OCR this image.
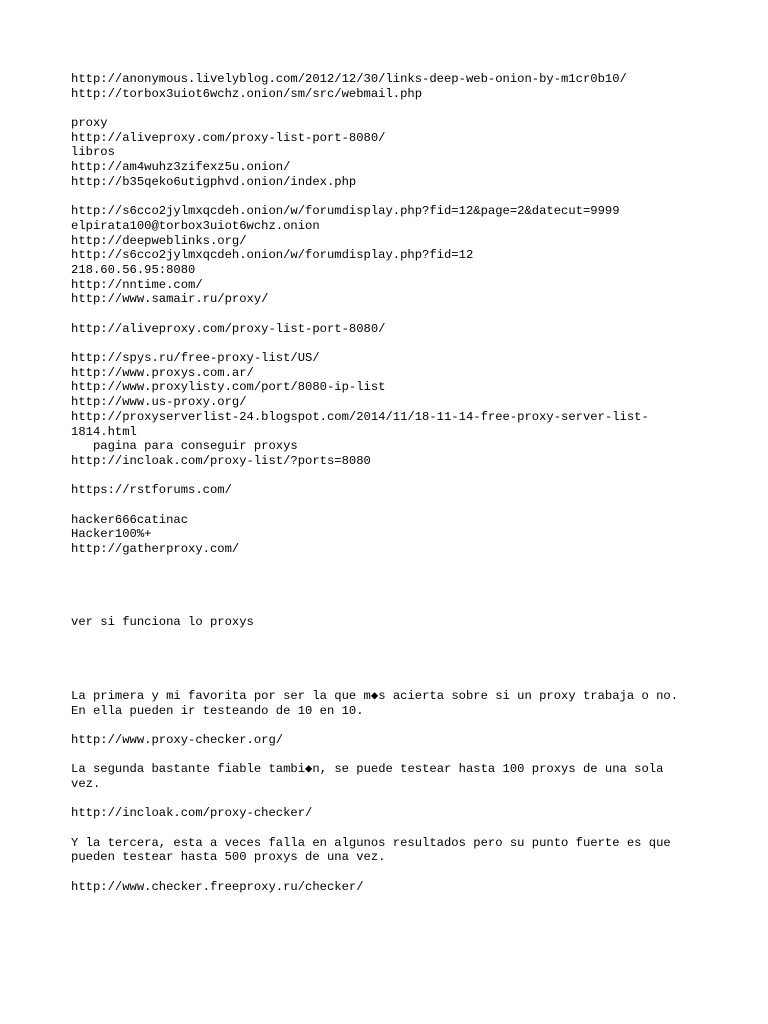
http://anonymous.livelyblog.com/2012/12/30/links-deep-web-onion-by-m1cr0b10/
http://torbox3uiot6wchz.onion/sm/src/webmail.php
proxy
http://aliveproxy.com/proxy-list-port-8080/
libros
http://am4wuhz3zifexz5u.onion/
http://b35qeko6utigphvd.onion/index.php
http://s6cco2jylmxqcdeh.onion/w/forumdisplay.php?fid=12&page=2&datecut=9999
elpirata100@torbox3uiot6wchz.onion
http://deepweblinks.org/
http://s6cco2jylmxqcdeh.onion/w/forumdisplay.php?fid=12
218.60.56.95:8080
http://nntime.com/
http://www.samair.ru/proxy/
http://aliveproxy.com/proxy-list-port-8080/
http://spys.ru/free-proxy-list/US/
http://www.proxys.com.ar/
http://www.proxylisty.com/port/8080-ip-list
http://www.us-proxy.org/
http://proxyserverlist-24.blogspot.com/2014/11/18-11-14-free-proxy-server-list-
1814.html
pagina para conseguir proxys
http://incloak.com/proxy-list/?ports=8080
https://rstforums.com/
hacker666catinac
Hacker100%+
http://gatherproxy.com/
ver si funciona lo proxys
La primera y mi favorita por ser la que m◆s acierta sobre si un proxy trabaja o no.
En ella pueden ir testeando de 10 en 10.
http://www.proxy-checker.org/
La segunda bastante fiable tambi◆n, se puede testear hasta 100 proxys de una sola
vez.
http://incloak.com/proxy-checker/
Y la tercera, esta a veces falla en algunos resultados pero su punto fuerte es que
pueden testear hasta 500 proxys de una vez.
http://www.checker.freeproxy.ru/checker/
